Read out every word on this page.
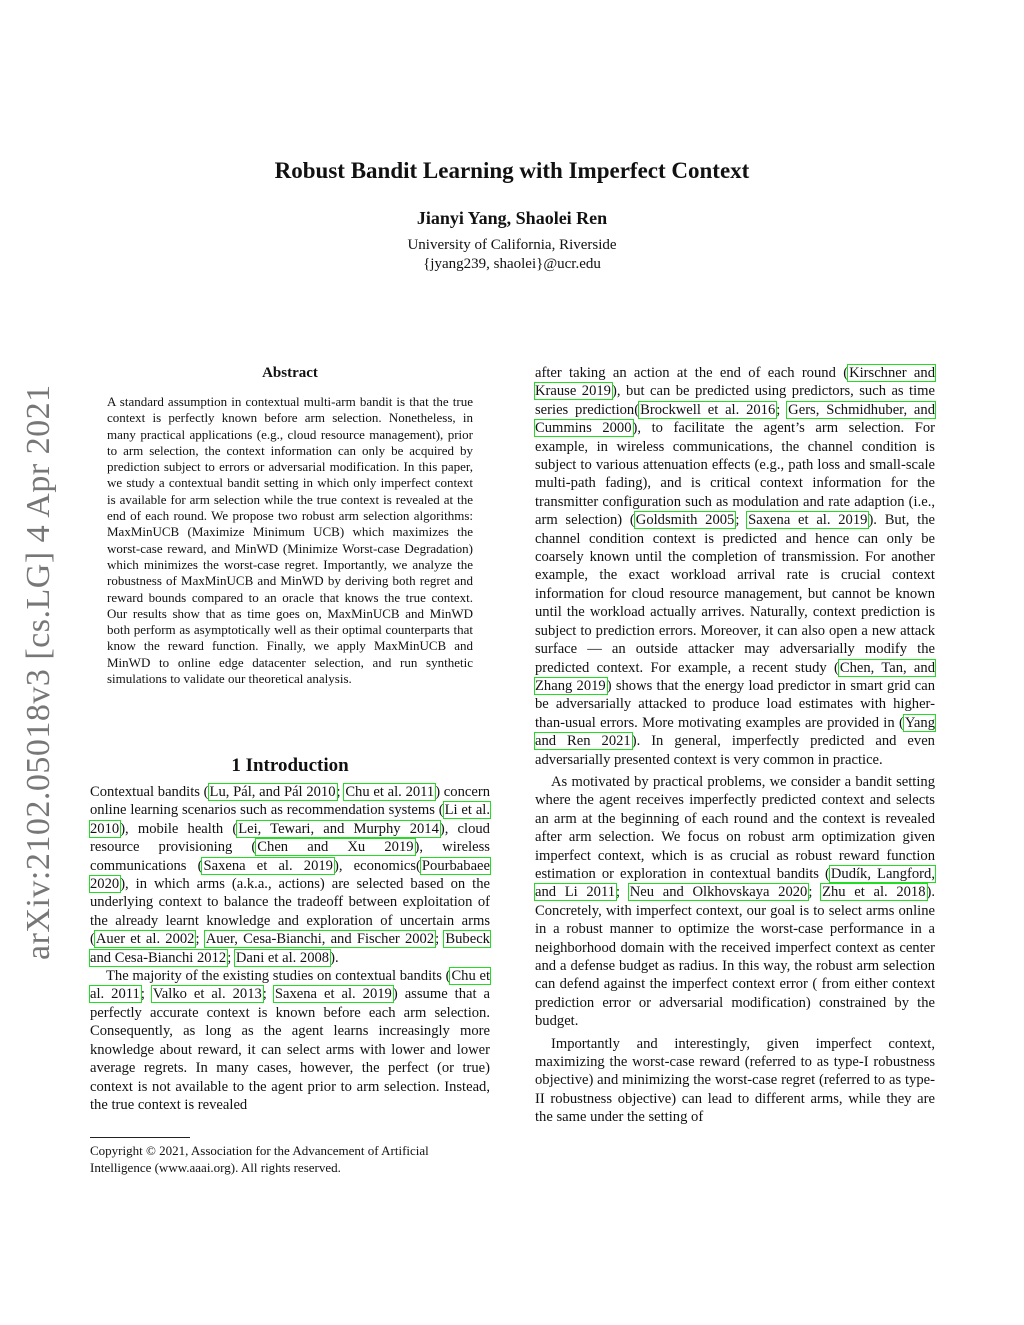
arXiv:2102.05018v3 [cs.LG] 4 Apr 2021
Robust Bandit Learning with Imperfect Context
Jianyi Yang, Shaolei Ren
University of California, Riverside
{jyang239, shaolei}@ucr.edu
Abstract
A standard assumption in contextual multi-arm bandit is that the true context is perfectly known before arm selection. Nonetheless, in many practical applications (e.g., cloud resource management), prior to arm selection, the context information can only be acquired by prediction subject to errors or adversarial modification. In this paper, we study a contextual bandit setting in which only imperfect context is available for arm selection while the true context is revealed at the end of each round. We propose two robust arm selection algorithms: MaxMinUCB (Maximize Minimum UCB) which maximizes the worst-case reward, and MinWD (Minimize Worst-case Degradation) which minimizes the worst-case regret. Importantly, we analyze the robustness of MaxMinUCB and MinWD by deriving both regret and reward bounds compared to an oracle that knows the true context. Our results show that as time goes on, MaxMinUCB and MinWD both perform as asymptotically well as their optimal counterparts that know the reward function. Finally, we apply MaxMinUCB and MinWD to online edge datacenter selection, and run synthetic simulations to validate our theoretical analysis.
1 Introduction

Contextual bandits (Lu, Pál, and Pál 2010; Chu et al. 2011) concern online learning scenarios such as recommendation systems (Li et al. 2010), mobile health (Lei, Tewari, and Murphy 2014), cloud resource provisioning (Chen and Xu 2019), wireless communications (Saxena et al. 2019), economics(Pourbabaee 2020), in which arms (a.k.a., actions) are selected based on the underlying context to balance the tradeoff between exploitation of the already learnt knowledge and exploration of uncertain arms (Auer et al. 2002; Auer, Cesa-Bianchi, and Fischer 2002; Bubeck and Cesa-Bianchi 2012; Dani et al. 2008).

The majority of the existing studies on contextual bandits (Chu et al. 2011; Valko et al. 2013; Saxena et al. 2019) assume that a perfectly accurate context is known before each arm selection. Consequently, as long as the agent learns increasingly more knowledge about reward, it can select arms with lower and lower average regrets. In many cases, however, the perfect (or true) context is not available to the agent prior to arm selection. Instead, the true context is revealed

Copyright © 2021, Association for the Advancement of Artificial Intelligence (www.aaai.org). All rights reserved.

after taking an action at the end of each round (Kirschner and Krause 2019), but can be predicted using predictors, such as time series prediction(Brockwell et al. 2016; Gers, Schmidhuber, and Cummins 2000), to facilitate the agent’s arm selection. For example, in wireless communications, the channel condition is subject to various attenuation effects (e.g., path loss and small-scale multi-path fading), and is critical context information for the transmitter configuration such as modulation and rate adaption (i.e., arm selection) (Goldsmith 2005; Saxena et al. 2019). But, the channel condition context is predicted and hence can only be coarsely known until the completion of transmission. For another example, the exact workload arrival rate is crucial context information for cloud resource management, but cannot be known until the workload actually arrives. Naturally, context prediction is subject to prediction errors. Moreover, it can also open a new attack surface — an outside attacker may adversarially modify the predicted context. For example, a recent study (Chen, Tan, and Zhang 2019) shows that the energy load predictor in smart grid can be adversarially attacked to produce load estimates with higher-than-usual errors. More motivating examples are provided in (Yang and Ren 2021). In general, imperfectly predicted and even adversarially presented context is very common in practice.

As motivated by practical problems, we consider a bandit setting where the agent receives imperfectly predicted context and selects an arm at the beginning of each round and the context is revealed after arm selection. We focus on robust arm optimization given imperfect context, which is as crucial as robust reward function estimation or exploration in contextual bandits (Dudík, Langford, and Li 2011; Neu and Olkhovskaya 2020; Zhu et al. 2018). Concretely, with imperfect context, our goal is to select arms online in a robust manner to optimize the worst-case performance in a neighborhood domain with the received imperfect context as center and a defense budget as radius. In this way, the robust arm selection can defend against the imperfect context error ( from either context prediction error or adversarial modification) constrained by the budget.

Importantly and interestingly, given imperfect context, maximizing the worst-case reward (referred to as type-I robustness objective) and minimizing the worst-case regret (referred to as type-II robustness objective) can lead to different arms, while they are the same under the setting of
